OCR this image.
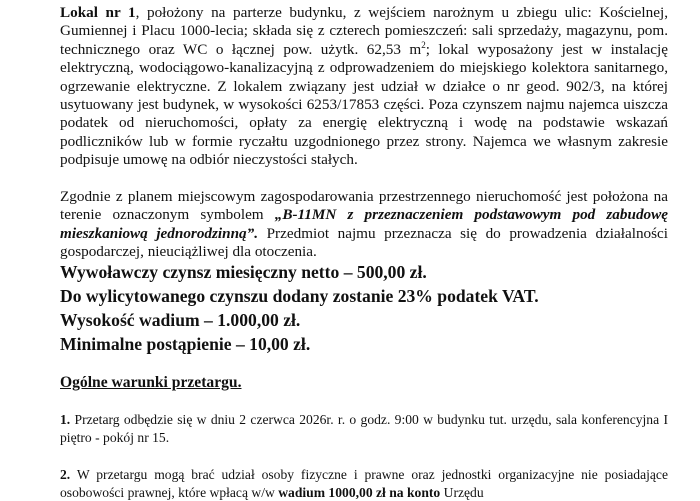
Lokal nr 1, położony na parterze budynku, z wejściem narożnym u zbiegu ulic: Kościelnej, Gumiennej i Placu 1000-lecia; składa się z czterech pomieszczeń: sali sprzedaży, magazynu, pom. technicznego oraz WC o łącznej pow. użytk. 62,53 $m^2$; lokal wyposażony jest w instalację elektryczną, wodociągowo-kanalizacyjną z odprowadzeniem do miejskiego kolektora sanitarnego, ogrzewanie elektryczne. Z lokalem związany jest udział w działce o nr geod. 902/3, na której usytuowany jest budynek, w wysokości 6253/17853 części. Poza czynszem najmu najemca uiszcza podatek od nieruchomości, opłaty za energię elektryczną i wodę na podstawie wskazań podliczników lub w formie ryczałtu uzgodnionego przez strony. Najemca we własnym zakresie podpisuje umowę na odbiór nieczystości stałych.
Zgodnie z planem miejscowym zagospodarowania przestrzennego nieruchomość jest położona na terenie oznaczonym symbolem „B-11MN z przeznaczeniem podstawowym pod zabudowę mieszkaniową jednorodzinną”. Przedmiot najmu przeznacza się do prowadzenia działalności gospodarczej, nieuciążliwej dla otoczenia.
Wywoławczy czynsz miesięczny netto – 500,00 zł.
Do wylicytowanego czynszu dodany zostanie 23% podatek VAT.
Wysokość wadium – 1.000,00 zł.
Minimalne postąpienie – 10,00 zł.
Ogólne warunki przetargu.
1. Przetarg odbędzie się w dniu 2 czerwca 2026r. r. o godz. 9:00 w budynku tut. urzędu, sala konferencyjna I piętro - pokój nr 15.
2. W przetargu mogą brać udział osoby fizyczne i prawne oraz jednostki organizacyjne nie posiadające osobowości prawnej, które wpłacą w/w wadium 1000,00 zł na konto Urzędu
